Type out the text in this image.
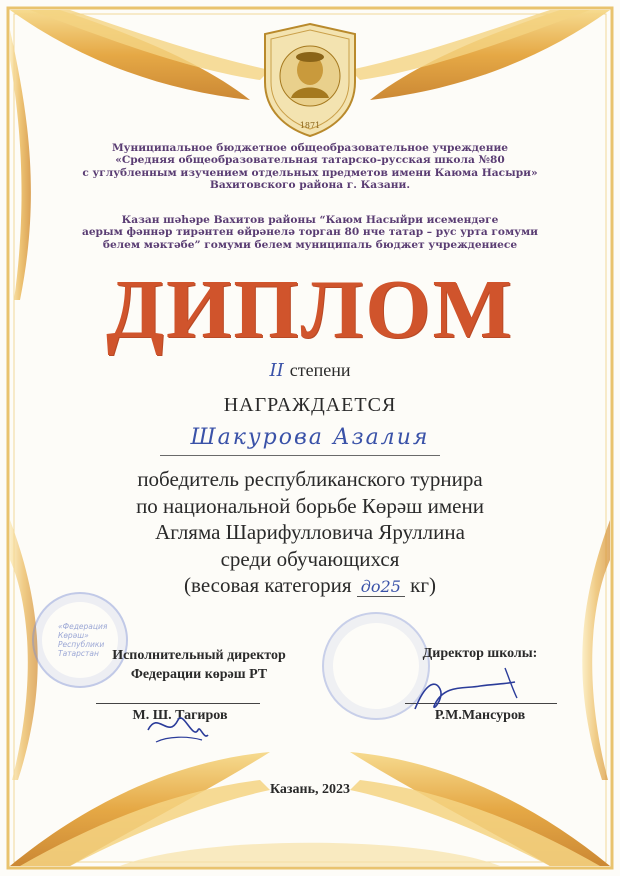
1871
Муниципальное бюджетное общеобразовательное учреждение
«Средняя общеобразовательная татарско-русская школа №80
с углубленным изучением отдельных предметов имени Каюма Насыри»
Вахитовского района г. Казани.
Казан шәһәре Вахитов районы “Каюм Насыйри исемендәге
аерым фәннәр тирәнтен өйрәнелә торган 80 нче татар – рус урта гомуми
белем мәктәбе” гомуми белем муниципаль бюджет учреждениесе
ДИПЛОМ
II степени
НАГРАЖДАЕТСЯ
Шакурова Азалия
победитель республиканского турнира
по национальной борьбе Көрәш имени
Агляма Шарифулловича Яруллина
среди обучающихся
(весовая категория до25 кг)
«Федерация Көрәш» Республики Татарстан Исполнительный директор
Федерации көрәш РТ
М. Ш. Тагиров
Директор школы:
Р.М.Мансуров
Казань, 2023
